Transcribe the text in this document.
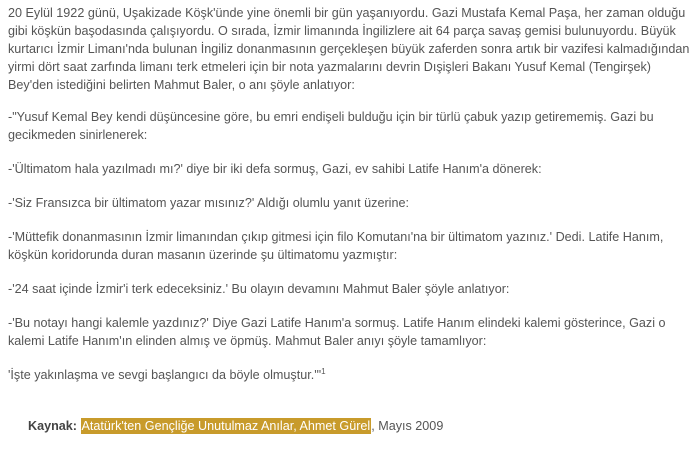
20 Eylül 1922 günü, Uşakizade Köşk'ünde yine önemli bir gün yaşanıyordu. Gazi Mustafa Kemal Paşa, her zaman olduğu gibi köşkün başodasında çalışıyordu. O sırada, İzmir limanında İngilizlere ait 64 parça savaş gemisi bulunuyordu. Büyük kurtarıcı İzmir Limanı'nda bulunan İngiliz donanmasının gerçekleşen büyük zaferden sonra artık bir vazifesi kalmadığından yirmi dört saat zarfında limanı terk etmeleri için bir nota yazmalarını devrin Dışişleri Bakanı Yusuf Kemal (Tengirşek) Bey'den istediğini belirten Mahmut Baler, o anı şöyle anlatıyor:

-"Yusuf Kemal Bey kendi düşüncesine göre, bu emri endişeli bulduğu için bir türlü çabuk yazıp getirememiş. Gazi bu gecikmeden sinirlenerek:

-'Ültimatom hala yazılmadı mı?' diye bir iki defa sormuş, Gazi, ev sahibi Latife Hanım'a dönerek:

-'Siz Fransızca bir ültimatom yazar mısınız?' Aldığı olumlu yanıt üzerine:

-'Müttefik donanmasının İzmir limanından çıkıp gitmesi için filo Komutanı'na bir ültimatom yazınız.' Dedi. Latife Hanım, köşkün koridorunda duran masanın üzerinde şu ültimatomu yazmıştır:

-'24 saat içinde İzmir'i terk edeceksiniz.' Bu olayın devamını Mahmut Baler şöyle anlatıyor:

-'Bu notayı hangi kalemle yazdınız?' Diye Gazi Latife Hanım'a sormuş. Latife Hanım elindeki kalemi gösterince, Gazi o kalemi Latife Hanım'ın elinden almış ve öpmüş. Mahmut Baler anıyı şöyle tamamlıyor:

'İşte yakınlaşma ve sevgi başlangıcı da böyle olmuştur.'"$^1$

Kaynak: Atatürk'ten Gençliğe Unutulmaz Anılar, Ahmet Gürel, Mayıs 2009
